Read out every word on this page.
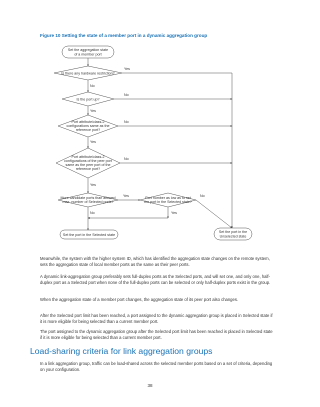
Figure 10 Setting the state of a member port in a dynamic aggregation group
Set the aggregation state
of a member port
Is there any hardware restriction?
Yes
No
Is the port up?
No
Yes
Port attribute/class-2
configurations same as the
reference port?
No
Yes
Port attribute/class-2
configurations of the peer port
same as the peer port of the
reference port?
No
Yes
More candidate ports than allowed
max. number of Selected ports?
Yes
No
Port number as low as to set
the port in the Selected state?
No
Yes
Set the port in the Selected state
Set the port in the
Unselected state

Meanwhile, the system with the higher system ID, which has identified the aggregation state changes on the remote system, sets the aggregation state of local member ports as the same as their peer ports.

A dynamic link-aggregation group preferably sets full-duplex ports as the Selected ports, and will set one, and only one, half-duplex port as a Selected port when none of the full-duplex ports can be selected or only half-duplex ports exist in the group.

When the aggregation state of a member port changes, the aggregation state of its peer port also changes.

After the Selected port limit has been reached, a port assigned to the dynamic aggregation group is placed in Selected state if it is more eligible for being selected than a current member port.

The port assigned to the dynamic aggregation group after the Selected port limit has been reached is placed in Selected state if it is more eligible for being selected than a current member port.

Load-sharing criteria for link aggregation groups

In a link aggregation group, traffic can be load-shared across the selected member ports based on a set of criteria, depending on your configuration.

38
